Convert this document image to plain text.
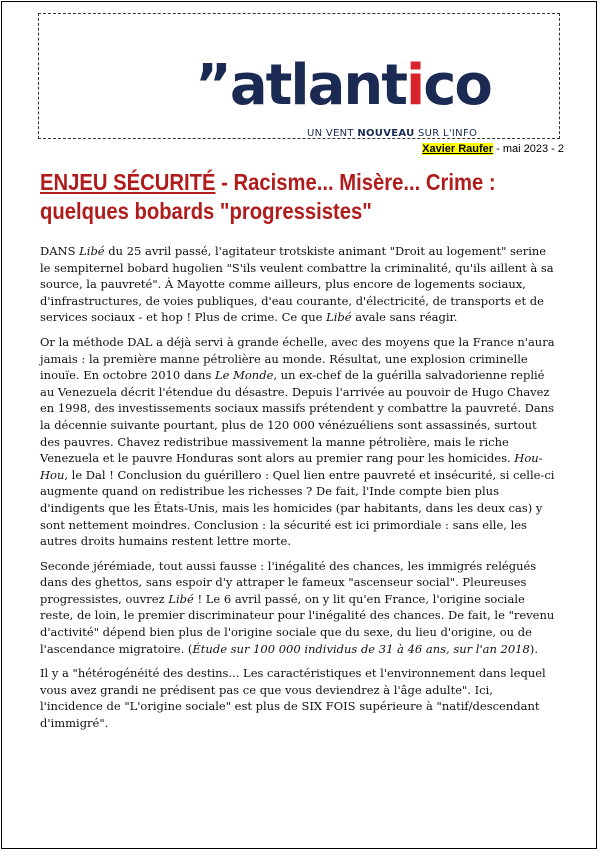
”atlantico
UN VENT NOUVEAU SUR L'INFO
Xavier Raufer - mai 2023 - 2
ENJEU SÉCURITÉ - Racisme... Misère... Crime :
quelques bobards "progressistes"

DANS Libé du 25 avril passé, l'agitateur trotskiste animant "Droit au logement" serine le sempiternel bobard hugolien "S'ils veulent combattre la criminalité, qu'ils aillent à sa source, la pauvreté". À Mayotte comme ailleurs, plus encore de logements sociaux, d'infrastructures, de voies publiques, d'eau courante, d'électricité, de transports et de services sociaux - et hop ! Plus de crime. Ce que Libé avale sans réagir.

Or la méthode DAL a déjà servi à grande échelle, avec des moyens que la France n'aura jamais : la première manne pétrolière au monde. Résultat, une explosion criminelle inouïe. En octobre 2010 dans Le Monde, un ex-chef de la guérilla salvadorienne replié au Venezuela décrit l'étendue du désastre. Depuis l'arrivée au pouvoir de Hugo Chavez en 1998, des investissements sociaux massifs prétendent y combattre la pauvreté. Dans la décennie suivante pourtant, plus de 120 000 vénézuéliens sont assassinés, surtout des pauvres. Chavez redistribue massivement la manne pétrolière, mais le riche Venezuela et le pauvre Honduras sont alors au premier rang pour les homicides. Hou-Hou, le Dal ! Conclusion du guérillero : Quel lien entre pauvreté et insécurité, si celle-ci augmente quand on redistribue les richesses ? De fait, l'Inde compte bien plus d'indigents que les États-Unis, mais les homicides (par habitants, dans les deux cas) y sont nettement moindres. Conclusion : la sécurité est ici primordiale : sans elle, les autres droits humains restent lettre morte.

Seconde jérémiade, tout aussi fausse : l'inégalité des chances, les immigrés relégués dans des ghettos, sans espoir d'y attraper le fameux "ascenseur social". Pleureuses progressistes, ouvrez Libé ! Le 6 avril passé, on y lit qu'en France, l'origine sociale reste, de loin, le premier discriminateur pour l'inégalité des chances. De fait, le "revenu d'activité" dépend bien plus de l'origine sociale que du sexe, du lieu d'origine, ou de l'ascendance migratoire. (Étude sur 100 000 individus de 31 à 46 ans, sur l'an 2018).

Il y a "hétérogénéité des destins... Les caractéristiques et l'environnement dans lequel vous avez grandi ne prédisent pas ce que vous deviendrez à l'âge adulte". Ici, l'incidence de "L'origine sociale" est plus de SIX FOIS supérieure à "natif/descendant d'immigré".
